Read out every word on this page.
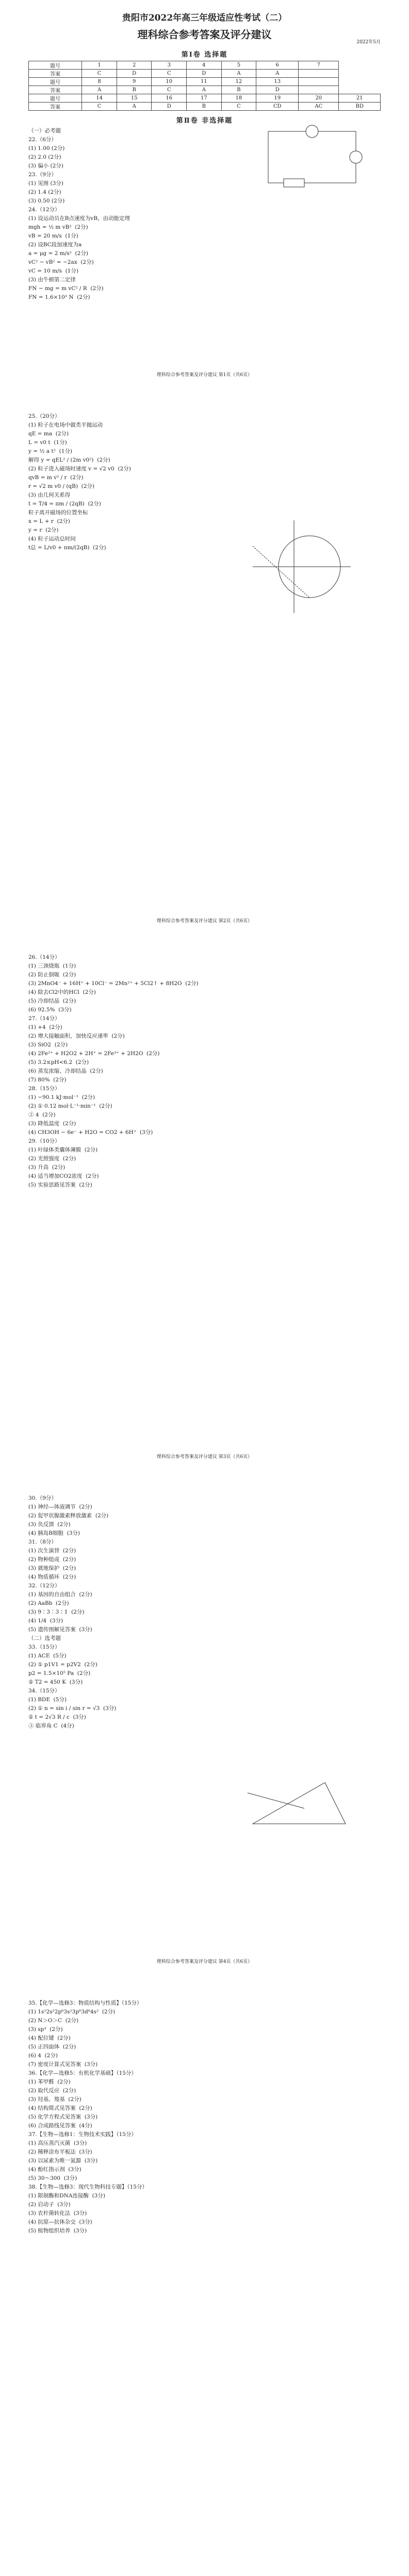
贵阳市2022年高三年级适应性考试（二）
理科综合参考答案及评分建议
2022年5月
第Ⅰ卷 选择题
题号	1	2	3	4	5	6	7	
答案	C	D	C	D	A	A		
题号	8	9	10	11	12	13		
答案	A	B	C	A	B	D		
题号	14	15	16	17	18	19	20	21
答案	C	A	D	B	C	CD	AC	BD
第Ⅱ卷 非选择题
（一）必考题
22.（6分）
(1) 1.00 (2分)
(2) 2.0 (2分)
(3) 偏小 (2分)
23.（9分）
(1) 见图 (3分)
(2) 1.4 (2分)
(3) 0.50 (2分)
24.（12分）
(1) 设运动员在B点速度为vB，由动能定理
mgh = ½ m vB²  (2分)
vB = 20 m/s  (1分)
(2) 设BC段加速度为a
a = μg = 2 m/s²  (2分)
vC² − vB² = −2ax  (2分)
vC = 10 m/s  (1分)
(3) 由牛顿第二定律
FN − mg = m vC² / R  (2分)
FN = 1.6×10³ N  (2分)
理科综合参考答案及评分建议 第1页（共6页）
25.（20分）
(1) 粒子在电场中做类平抛运动
qE = ma  (2分)
L = v0 t  (1分)
y = ½ a t²  (1分)
解得 y = qEL² / (2m v0²)  (2分)
(2) 粒子进入磁场时速度 v = √2 v0  (2分)
qvB = m v² / r  (2分)
r = √2 m v0 / (qB)  (2分)
(3) 由几何关系得
t = T/4 = πm / (2qB)  (2分)
粒子离开磁场的位置坐标
x = L + r  (2分)
y = r  (2分)
(4) 粒子运动总时间
t总 = L/v0 + πm/(2qB)  (2分)
理科综合参考答案及评分建议 第2页（共6页）
26.（14分）
(1) 三颈烧瓶  (1分)
(2) 防止倒吸  (2分)
(3) 2MnO4⁻ + 16H⁺ + 10Cl⁻ = 2Mn²⁺ + 5Cl2↑ + 8H2O  (2分)
(4) 除去Cl2中的HCl  (2分)
(5) 冷却结晶  (2分)
(6) 92.5%  (3分)
27.（14分）
(1) +4  (2分)
(2) 增大接触面积，加快反应速率  (2分)
(3) SiO2  (2分)
(4) 2Fe²⁺ + H2O2 + 2H⁺ = 2Fe³⁺ + 2H2O  (2分)
(5) 3.2≤pH<6.2  (2分)
(6) 蒸发浓缩、冷却结晶  (2分)
(7) 80%  (2分)
28.（15分）
(1) −90.1 kJ·mol⁻¹  (2分)
(2) ① 0.12 mol·L⁻¹·min⁻¹  (2分)
② 4  (2分)
(3) 降低温度  (2分)
(4) CH3OH − 6e⁻ + H2O = CO2 + 6H⁺  (3分)
29.（10分）
(1) 叶绿体类囊体薄膜  (2分)
(2) 光照强度  (2分)
(3) 升高  (2分)
(4) 适当增加CO2浓度  (2分)
(5) 实验思路见答案  (2分)
理科综合参考答案及评分建议 第3页（共6页）
30.（9分）
(1) 神经—体液调节  (2分)
(2) 促甲状腺激素释放激素  (2分)
(3) 负反馈  (2分)
(4) 胰岛B细胞  (3分)
31.（8分）
(1) 次生演替  (2分)
(2) 物种组成  (2分)
(3) 就地保护  (2分)
(4) 物质循环  (2分)
32.（12分）
(1) 基因的自由组合  (2分)
(2) AaBb  (2分)
(3) 9∶3∶3∶1  (2分)
(4) 1/4  (3分)
(5) 遗传图解见答案  (3分)
（二）选考题
33.（15分）
(1) ACE  (5分)
(2) ① p1V1 = p2V2  (2分)
p2 = 1.5×10⁵ Pa  (2分)
② T2 = 450 K  (3分)
34.（15分）
(1) BDE  (5分)
(2) ① n = sin i / sin r = √3  (3分)
② t = 2√3 R / c  (3分)
③ 临界角 C  (4分)
理科综合参考答案及评分建议 第4页（共6页）
35.【化学—选修3：物质结构与性质】（15分）
(1) 1s²2s²2p⁶3s²3p⁶3d⁶4s²  (2分)
(2) N＞O＞C  (2分)
(3) sp³  (2分)
(4) 配位键  (2分)
(5) 正四面体  (2分)
(6) 4  (2分)
(7) 密度计算式见答案  (3分)
36.【化学—选修5：有机化学基础】（15分）
(1) 苯甲醛  (2分)
(2) 取代反应  (2分)
(3) 羟基、羧基  (2分)
(4) 结构简式见答案  (2分)
(5) 化学方程式见答案  (3分)
(6) 合成路线见答案  (4分)
37.【生物—选修1：生物技术实践】（15分）
(1) 高压蒸汽灭菌  (3分)
(2) 稀释涂布平板法  (3分)
(3) 以尿素为唯一氮源  (3分)
(4) 酚红指示剂  (3分)
(5) 30～300  (3分)
38.【生物—选修3：现代生物科技专题】（15分）
(1) 限制酶和DNA连接酶  (3分)
(2) 启动子  (3分)
(3) 农杆菌转化法  (3分)
(4) 抗原—抗体杂交  (3分)
(5) 植物组织培养  (3分)
